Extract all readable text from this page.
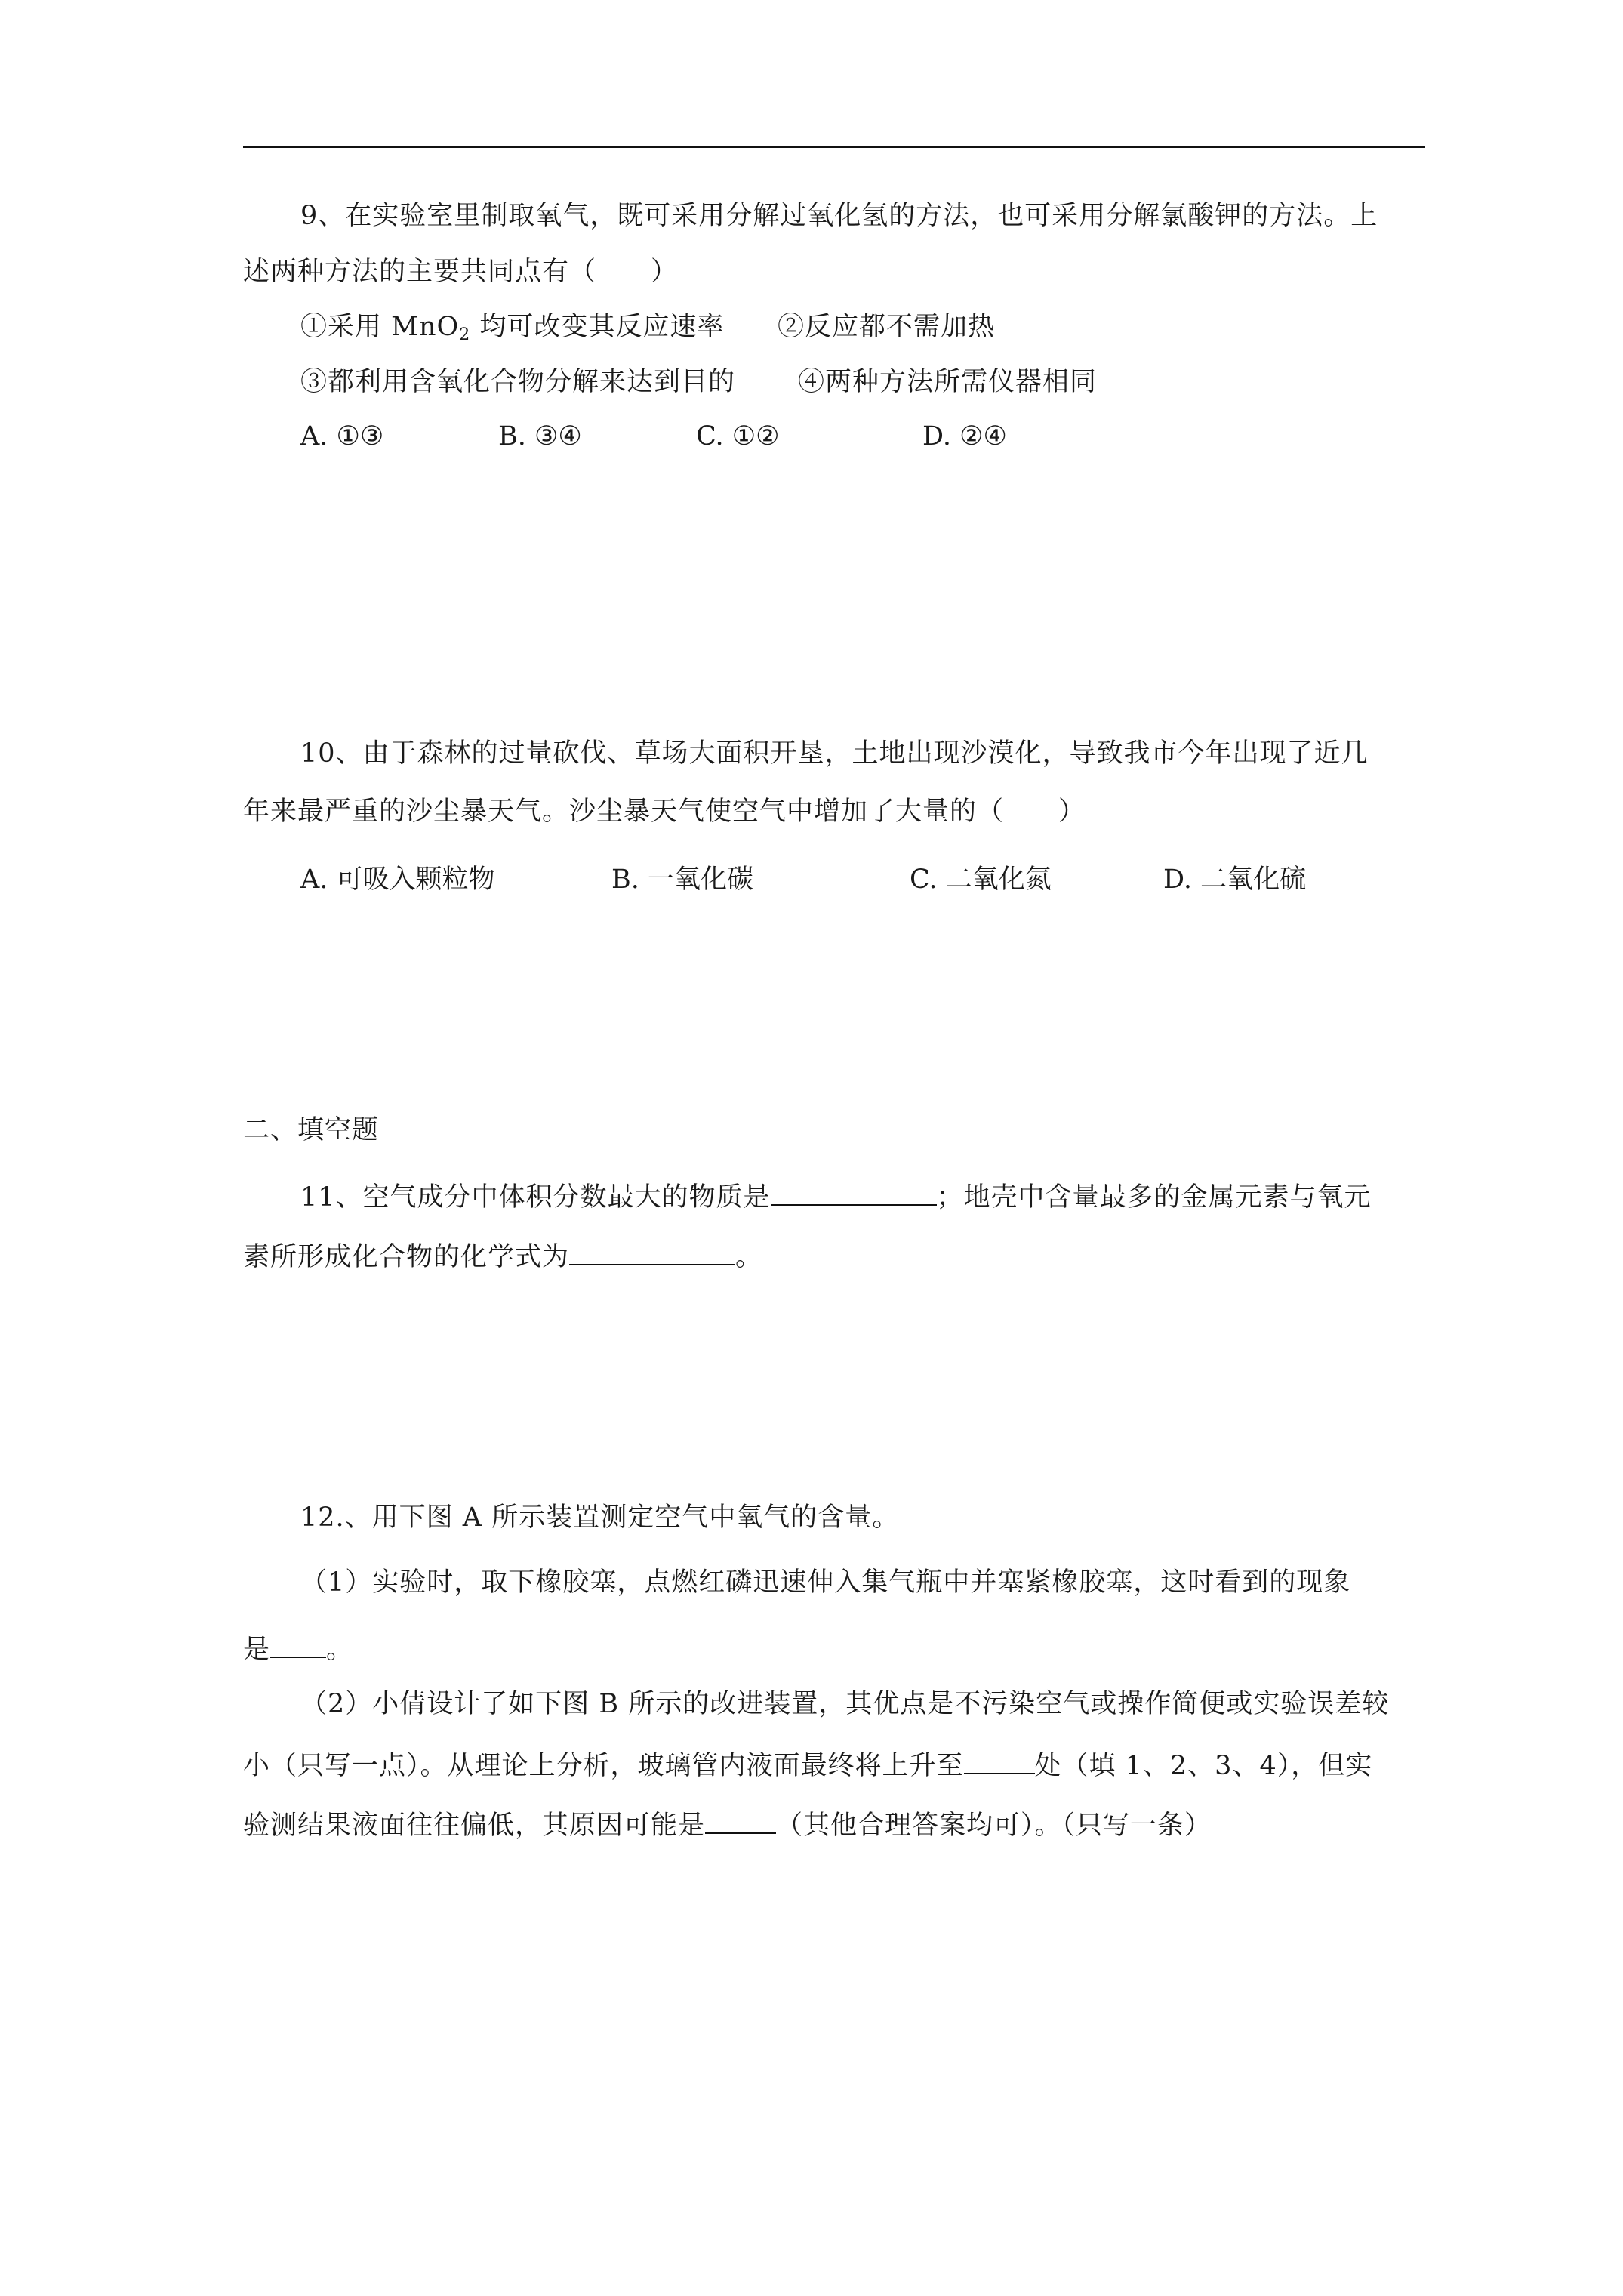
9、在实验室里制取氧气，既可采用分解过氧化氢的方法，也可采用分解氯酸钾的方法。上
述两种方法的主要共同点有（　　）
①采用 MnO$_2$ 均可改变其反应速率 ②反应都不需加热
③都利用含氧化合物分解来达到目的 ④两种方法所需仪器相同
A. ①③	B. ③④	C. ①②	D. ②④
10、由于森林的过量砍伐、草场大面积开垦，土地出现沙漠化，导致我市今年出现了近几
年来最严重的沙尘暴天气。沙尘暴天气使空气中增加了大量的（　　）
A. 可吸入颗粒物	B. 一氧化碳	C. 二氧化氮	D. 二氧化硫
二、填空题
11、空气成分中体积分数最大的物质是	；地壳中含量最多的金属元素与氧元
素所形成化合物的化学式为	。
12.、用下图 A 所示装置测定空气中氧气的含量。
（1）实验时，取下橡胶塞，点燃红磷迅速伸入集气瓶中并塞紧橡胶塞，这时看到的现象
是 。
（2）小倩设计了如下图 B 所示的改进装置，其优点是不污染空气或操作简便或实验误差较
小（只写一点）。从理论上分析，玻璃管内液面最终将上升至	处（填 1、2、3、4），但实
验测结果液面往往偏低，其原因可能是	（其他合理答案均可）。（只写一条）
